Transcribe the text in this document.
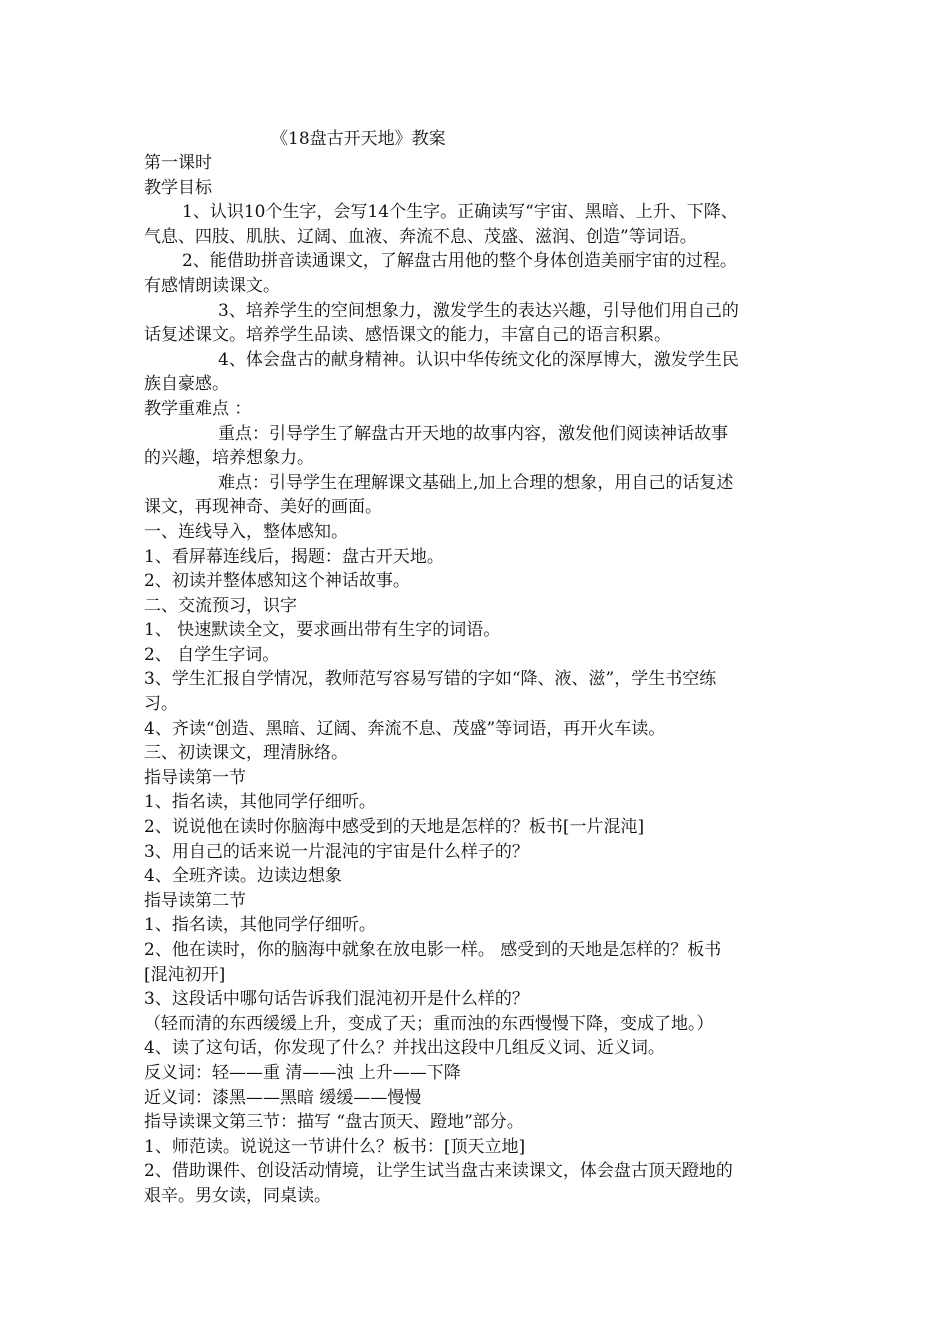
《18盘古开天地》教案
第一课时
教学目标
1、认识10个生字，会写14个生字。正确读写“宇宙、黑暗、上升、下降、
气息、四肢、肌肤、辽阔、血液、奔流不息、茂盛、滋润、创造”等词语。
2、能借助拼音读通课文，了解盘古用他的整个身体创造美丽宇宙的过程。
有感情朗读课文。
3、培养学生的空间想象力，激发学生的表达兴趣，引导他们用自己的
话复述课文。培养学生品读、感悟课文的能力，丰富自己的语言积累。
4、体会盘古的献身精神。认识中华传统文化的深厚博大，激发学生民
族自豪感。
教学重难点 ：
重点：引导学生了解盘古开天地的故事内容，激发他们阅读神话故事
的兴趣，培养想象力。
难点：引导学生在理解课文基础上,加上合理的想象，用自己的话复述
课文，再现神奇、美好的画面。
一、连线导入，整体感知。
1、看屏幕连线后，揭题：盘古开天地。
2、初读并整体感知这个神话故事。
二、交流预习，识字
1、 快速默读全文，要求画出带有生字的词语。
2、 自学生字词。
3、学生汇报自学情况，教师范写容易写错的字如“降、液、滋”，学生书空练
习。
4、齐读“创造、黑暗、辽阔、奔流不息、茂盛”等词语，再开火车读。
三、初读课文，理清脉络。
指导读第一节
1、指名读，其他同学仔细听。
2、说说他在读时你脑海中感受到的天地是怎样的？板书[一片混沌]
3、用自己的话来说一片混沌的宇宙是什么样子的？
4、全班齐读。边读边想象
指导读第二节
1、指名读，其他同学仔细听。
2、他在读时，你的脑海中就象在放电影一样。 感受到的天地是怎样的？板书
[混沌初开]
3、这段话中哪句话告诉我们混沌初开是什么样的？
（轻而清的东西缓缓上升，变成了天；重而浊的东西慢慢下降，变成了地。）
4、读了这句话，你发现了什么？并找出这段中几组反义词、近义词。
反义词：轻——重 清——浊 上升——下降
近义词：漆黑——黑暗 缓缓——慢慢
指导读课文第三节：描写 “盘古顶天、蹬地”部分。
1、师范读。说说这一节讲什么？板书：[顶天立地]
2、借助课件、创设活动情境，让学生试当盘古来读课文，体会盘古顶天蹬地的
艰辛。男女读，同桌读。
